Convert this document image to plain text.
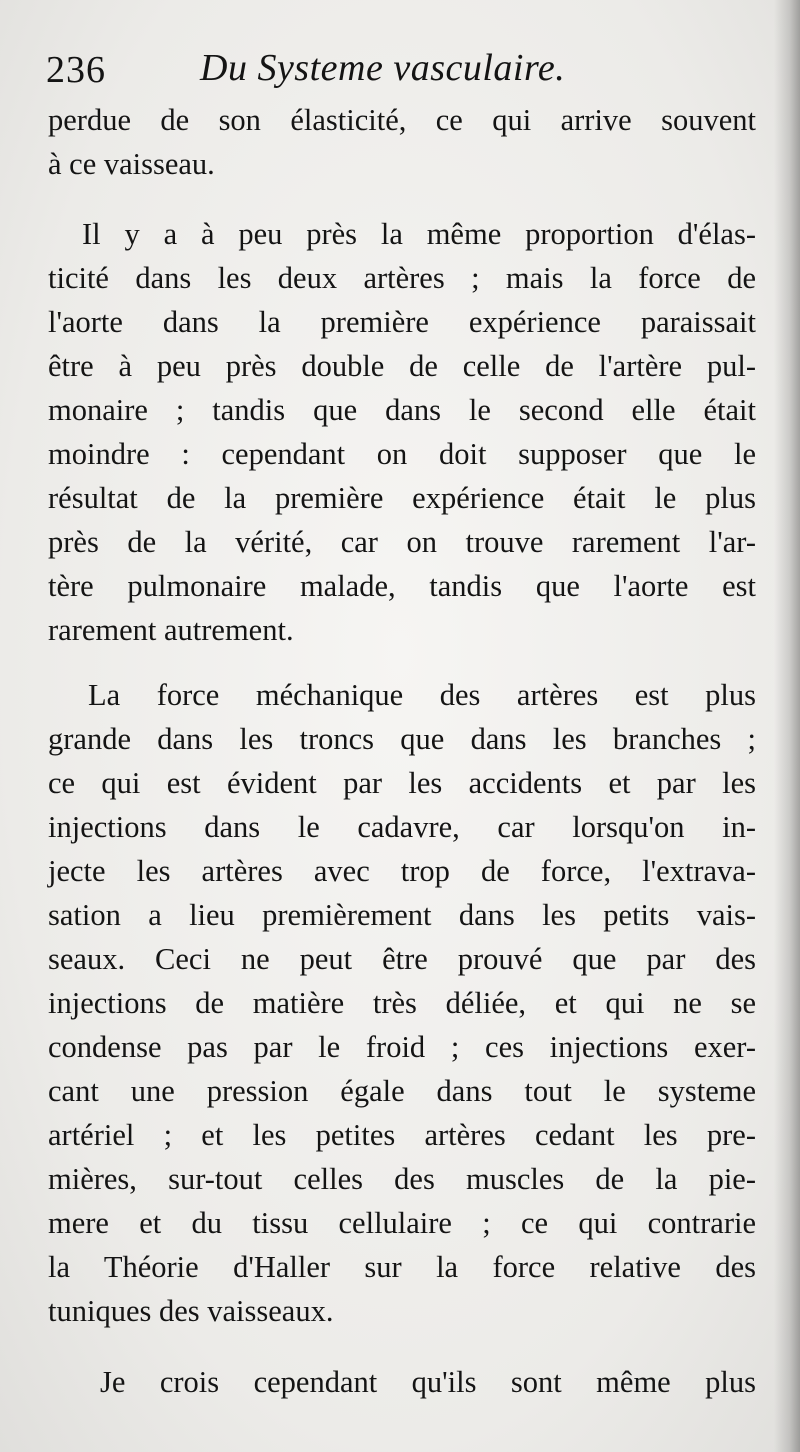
236 Du Systeme vasculaire.

perdue de son élasticité, ce qui arrive souvent
à ce vaisseau.

Il y a à peu près la même proportion d'élas-
ticité dans les deux artères ; mais la force de
l'aorte dans la première expérience paraissait
être à peu près double de celle de l'artère pul-
monaire ; tandis que dans le second elle était
moindre : cependant on doit supposer que le
résultat de la première expérience était le plus
près de la vérité, car on trouve rarement l'ar-
tère pulmonaire malade, tandis que l'aorte est
rarement autrement.

La force méchanique des artères est plus
grande dans les troncs que dans les branches ;
ce qui est évident par les accidents et par les
injections dans le cadavre, car lorsqu'on in-
jecte les artères avec trop de force, l'extrava-
sation a lieu premièrement dans les petits vais-
seaux. Ceci ne peut être prouvé que par des
injections de matière très déliée, et qui ne se
condense pas par le froid ; ces injections exer-
cant une pression égale dans tout le systeme
artériel ; et les petites artères cedant les pre-
mières, sur-tout celles des muscles de la pie-
mere et du tissu cellulaire ; ce qui contrarie
la Théorie d'Haller sur la force relative des
tuniques des vaisseaux.

Je crois cependant qu'ils sont même plus
